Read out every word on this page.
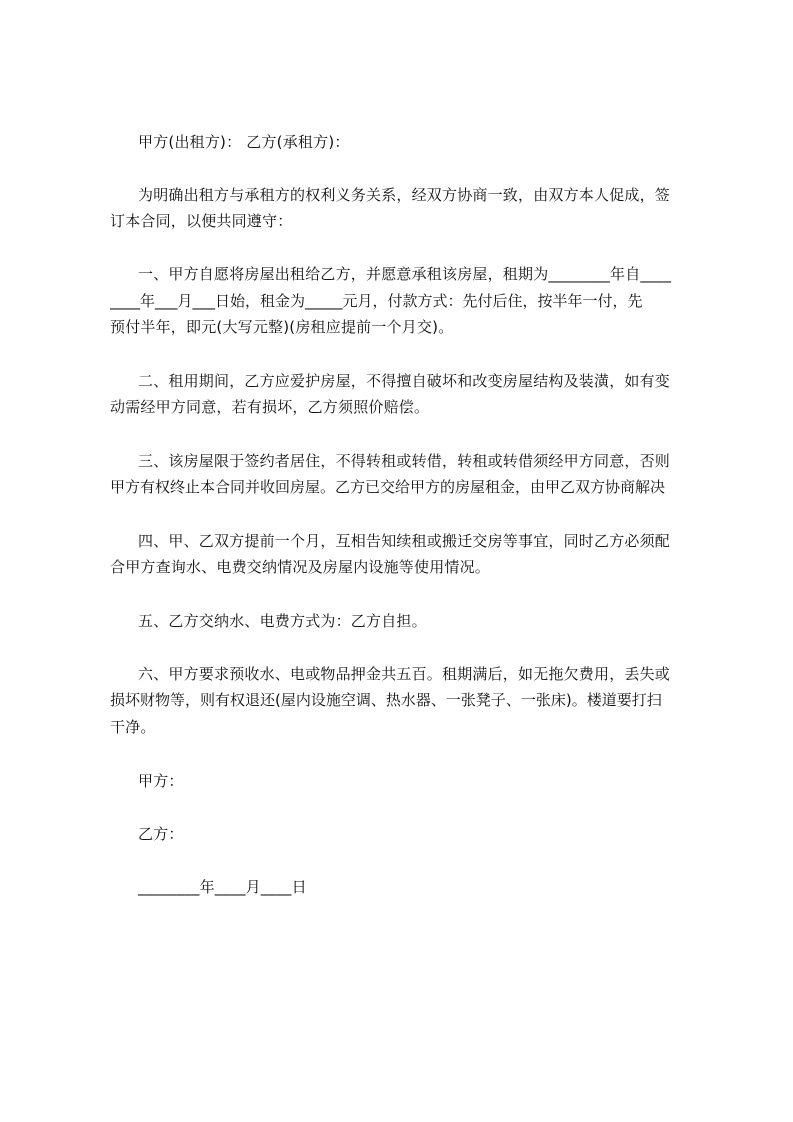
甲方(出租方)： 乙方(承租方)：
为明确出租方与承租方的权利义务关系，经双方协商一致，由双方本人促成，签
订本合同，以便共同遵守：
一、甲方自愿将房屋出租给乙方，并愿意承租该房屋，租期为________年自____
____年___月___日始，租金为_____元月，付款方式：先付后住，按半年一付，先
预付半年，即元(大写元整)(房租应提前一个月交)。
二、租用期间，乙方应爱护房屋，不得擅自破坏和改变房屋结构及装潢，如有变
动需经甲方同意，若有损坏，乙方须照价赔偿。
三、该房屋限于签约者居住，不得转租或转借，转租或转借须经甲方同意，否则
甲方有权终止本合同并收回房屋。乙方已交给甲方的房屋租金，由甲乙双方协商解决
四、甲、乙双方提前一个月，互相告知续租或搬迁交房等事宜，同时乙方必须配
合甲方查询水、电费交纳情况及房屋内设施等使用情况。
五、乙方交纳水、电费方式为：乙方自担。
六、甲方要求预收水、电或物品押金共五百。租期满后，如无拖欠费用，丢失或
损坏财物等，则有权退还(屋内设施空调、热水器、一张凳子、一张床)。楼道要打扫
干净。
甲方：
乙方：
________年____月____日
